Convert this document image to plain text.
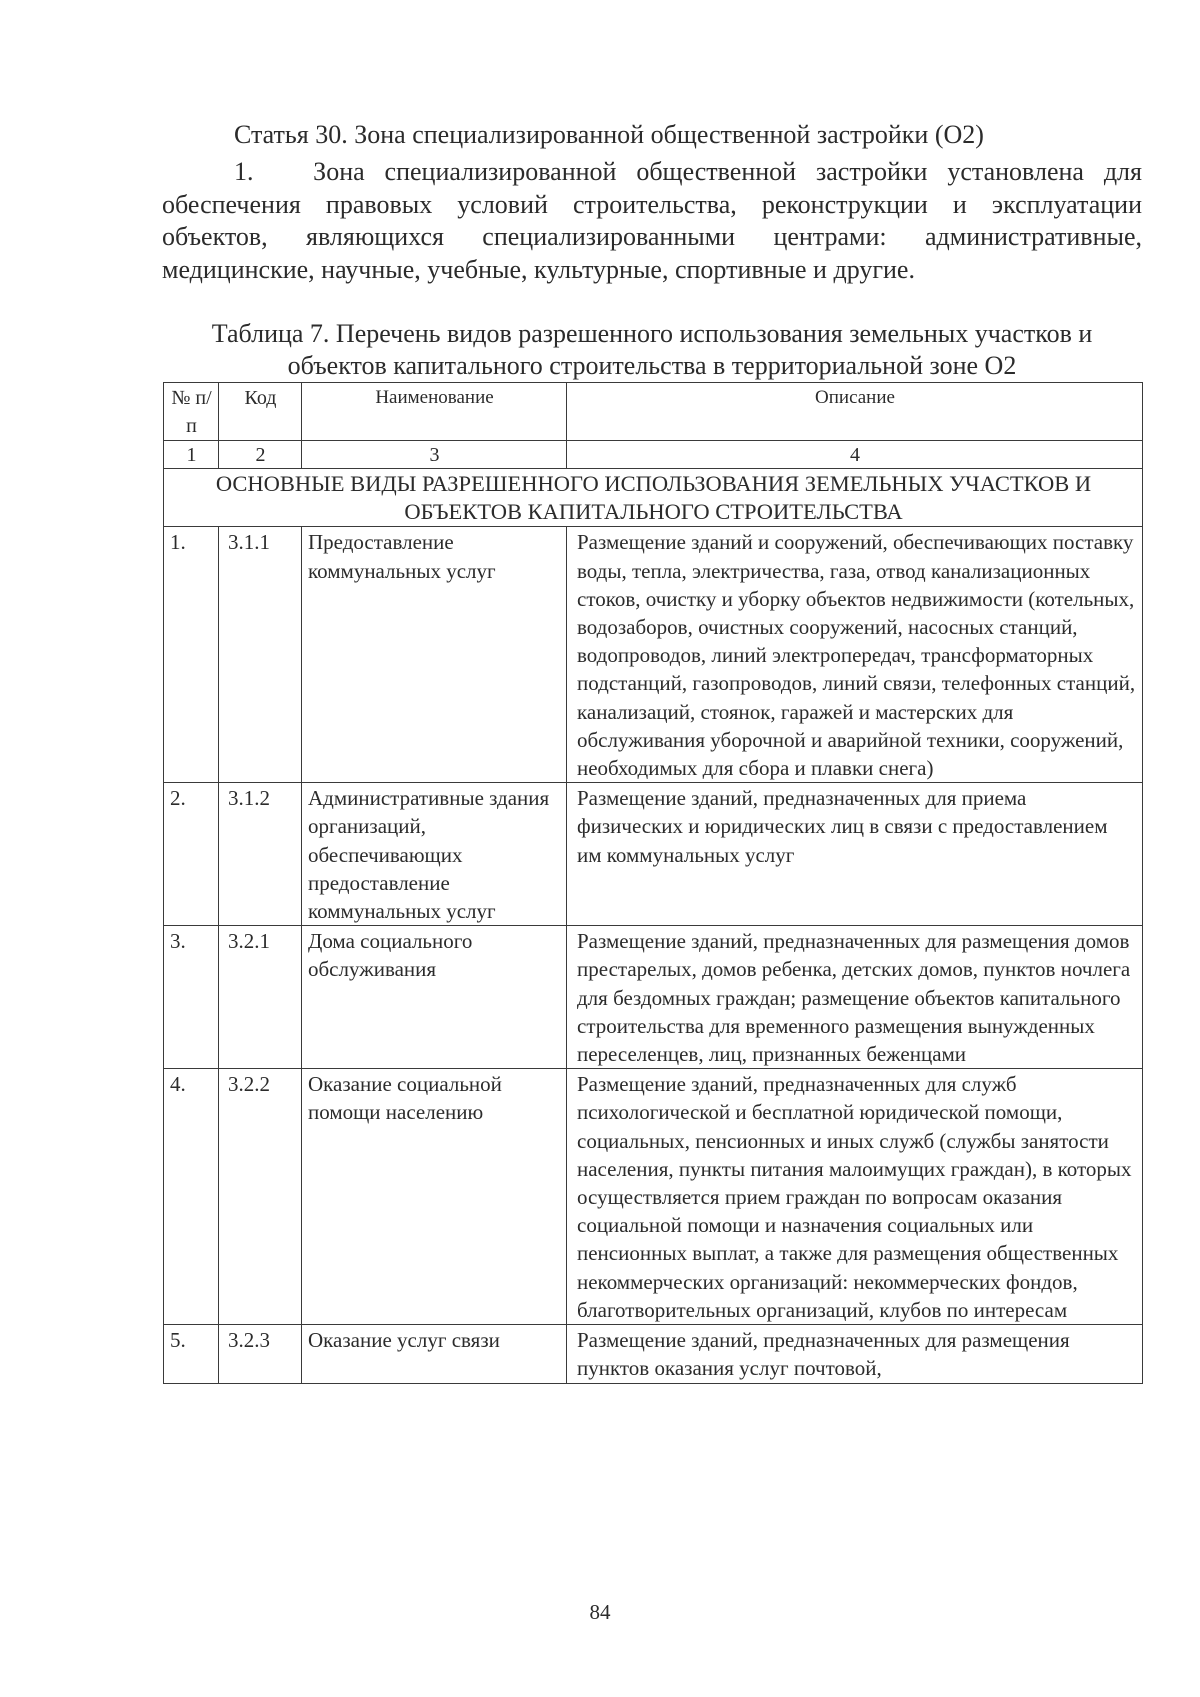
Статья 30. Зона специализированной общественной застройки (О2)
1.   Зона специализированной общественной застройки установлена для обеспечения правовых условий строительства, реконструкции и эксплуатации объектов, являющихся специализированными центрами: административные, медицинские, научные, учебные, культурные, спортивные и другие.
Таблица 7. Перечень видов разрешенного использования земельных участков и объектов капитального строительства в территориальной зоне О2
№ п/п	Код	Наименование	Описание
1	2	3	4
ОСНОВНЫЕ ВИДЫ РАЗРЕШЕННОГО ИСПОЛЬЗОВАНИЯ ЗЕМЕЛЬНЫХ УЧАСТКОВ И ОБЪЕКТОВ КАПИТАЛЬНОГО СТРОИТЕЛЬСТВА			
1.	3.1.1	Предоставление коммунальных услуг	Размещение зданий и сооружений, обеспечивающих поставку воды, тепла, электричества, газа, отвод канализационных стоков, очистку и уборку объектов недвижимости (котельных, водозаборов, очистных сооружений, насосных станций, водопроводов, линий электропередач, трансформаторных подстанций, газопроводов, линий связи, телефонных станций, канализаций, стоянок, гаражей и мастерских для обслуживания уборочной и аварийной техники, сооружений, необходимых для сбора и плавки снега)
2.	3.1.2	Административные здания организаций, обеспечивающих предоставление коммунальных услуг	Размещение зданий, предназначенных для приема физических и юридических лиц в связи с предоставлением им коммунальных услуг
3.	3.2.1	Дома социального обслуживания	Размещение зданий, предназначенных для размещения домов престарелых, домов ребенка, детских домов, пунктов ночлега для бездомных граждан; размещение объектов капитального строительства для временного размещения вынужденных переселенцев, лиц, признанных беженцами
4.	3.2.2	Оказание социальной помощи населению	Размещение зданий, предназначенных для служб психологической и бесплатной юридической помощи, социальных, пенсионных и иных служб (службы занятости населения, пункты питания малоимущих граждан), в которых осуществляется прием граждан по вопросам оказания социальной помощи и назначения социальных или пенсионных выплат, а также для размещения общественных некоммерческих организаций: некоммерческих фондов, благотворительных организаций, клубов по интересам
5.	3.2.3	Оказание услуг связи	Размещение зданий, предназначенных для размещения пунктов оказания услуг почтовой,
84
